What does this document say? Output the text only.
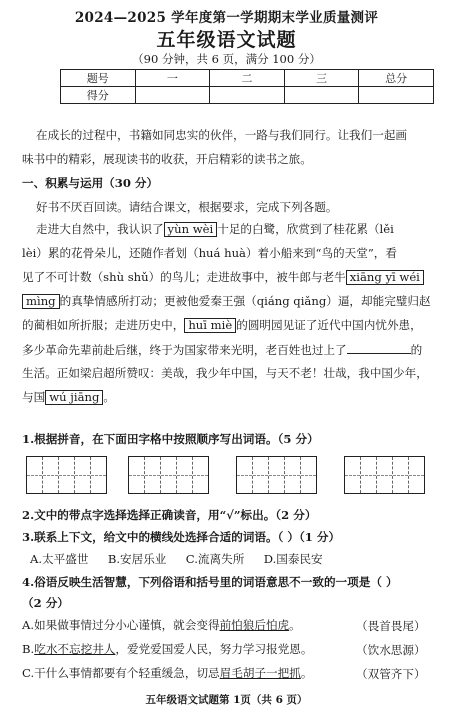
2024—2025 学年度第一学期期末学业质量测评
五年级语文试题
（90 分钟，共 6 页，满分 100 分）
题号	一	二	三	总分
得分				
在成长的过程中，书籍如同忠实的伙伴，一路与我们同行。让我们一起画
味书中的精彩，展现读书的收获，开启精彩的读书之旅。
一、积累与运用（30 分）
好书不厌百回读。请结合课文，根据要求，完成下列各题。
走进大自然中，我认识了 yùn wèi 十足的白鹭，欣赏到了桂花累（lěi
lèi）累的花骨朵儿，还随作者划（huá huà）着小船来到“鸟的天堂”，看
见了不可计数（shù shǔ）的鸟儿；走进故事中，被牛郎与老牛 xiāng yī wéi
mìng 的真挚情感所打动；更被他爱秦王强（qiáng qiǎng）逼，却能完璧归赵
的蔺相如所折服；走进历史中， huī miè 的圆明园见证了近代中国内忧外患，
多少革命先辈前赴后继，终于为国家带来光明，老百姓也过上了	的
生活。正如梁启超所赞叹：美哉，我少年中国，与天不老！壮哉，我中国少年，
与国 wú jiāng 。
1.根据拼音，在下面田字格中按照顺序写出词语。（5 分）
2.文中的带点字选择选择正确读音，用“√”标出。（2 分）
3.联系上下文，给文中的横线处选择合适的词语。（ ）（1 分）
A.太平盛世 B.安居乐业 C.流离失所 D.国泰民安
4.俗语反映生活智慧，下列俗语和括号里的词语意思不一致的一项是（ ）
（2 分）
A.如果做事情过分小心谨慎，就会变得前怕狼后怕虎。	（畏首畏尾）
B.吃水不忘挖井人，爱党爱国爱人民，努力学习报党恩。	（饮水思源）
C.干什么事情都要有个轻重缓急，切忌眉毛胡子一把抓。	（双管齐下）
五年级语文试题第 1页（共 6 页）
